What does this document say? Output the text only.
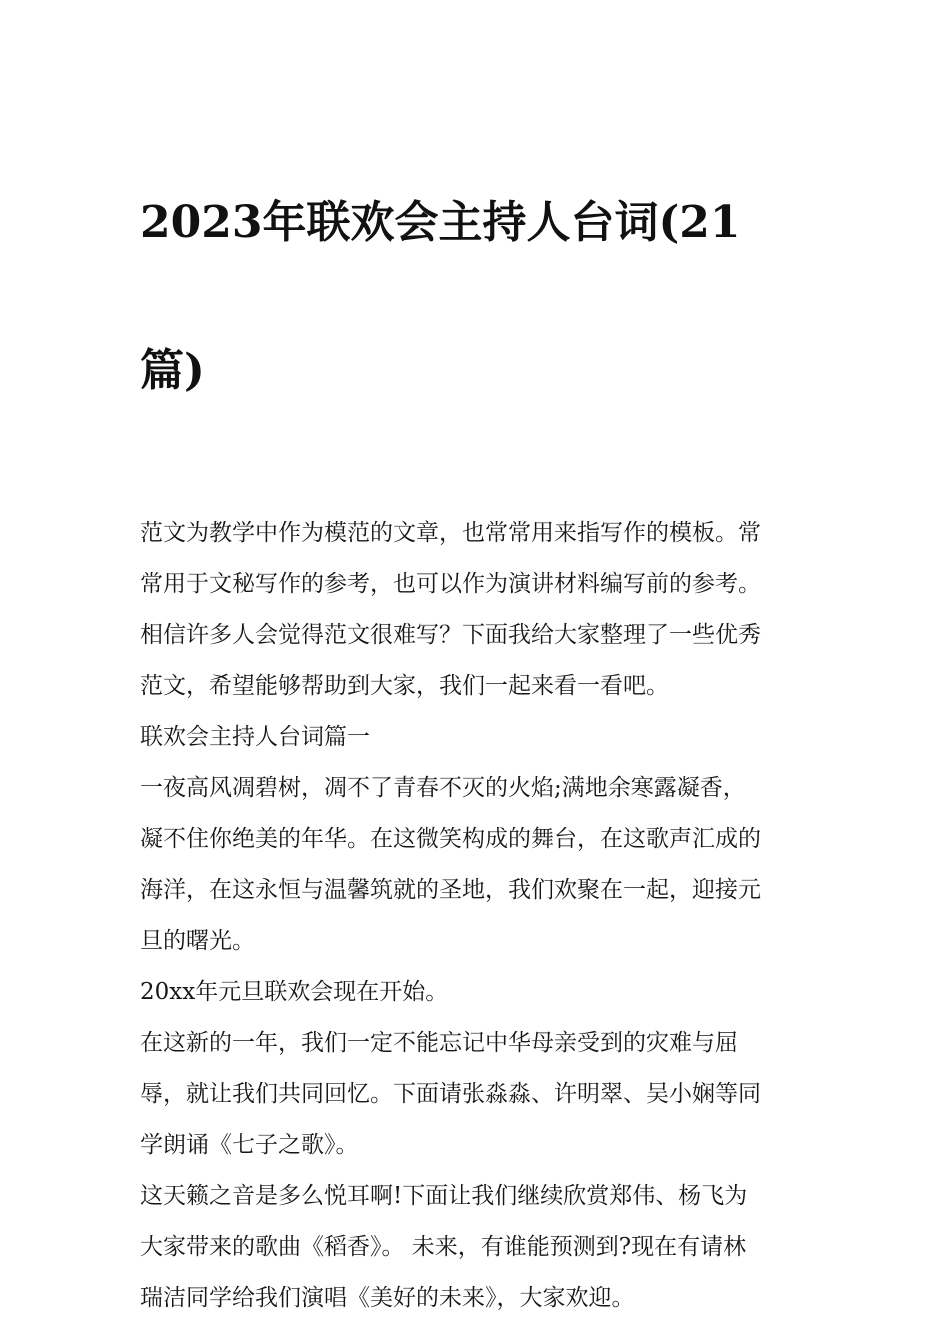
2023年联欢会主持人台词(21

篇)

范文为教学中作为模范的文章，也常常用来指写作的模板。常
常用于文秘写作的参考，也可以作为演讲材料编写前的参考。
相信许多人会觉得范文很难写？下面我给大家整理了一些优秀
范文，希望能够帮助到大家，我们一起来看一看吧。

联欢会主持人台词篇一

一夜高风凋碧树，凋不了青春不灭的火焰;满地余寒露凝香，
凝不住你绝美的年华。在这微笑构成的舞台，在这歌声汇成的
海洋，在这永恒与温馨筑就的圣地，我们欢聚在一起，迎接元
旦的曙光。

20xx年元旦联欢会现在开始。

在这新的一年，我们一定不能忘记中华母亲受到的灾难与屈
辱，就让我们共同回忆。下面请张淼淼、许明翠、吴小娴等同
学朗诵《七子之歌》。

这天籁之音是多么悦耳啊!下面让我们继续欣赏郑伟、杨飞为
大家带来的歌曲《稻香》。 未来，有谁能预测到?现在有请林
瑞洁同学给我们演唱《美好的未来》，大家欢迎。
